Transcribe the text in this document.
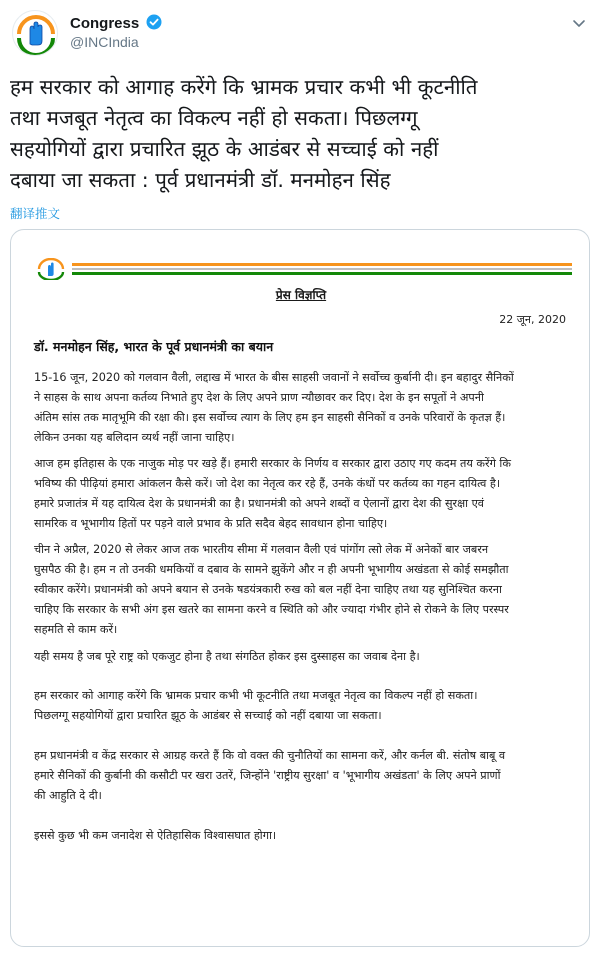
Congress
@INCIndia
हम सरकार को आगाह करेंगे कि भ्रामक प्रचार कभी भी कूटनीति
तथा मजबूत नेतृत्व का विकल्प नहीं हो सकता। पिछलग्गू
सहयोगियों द्वारा प्रचारित झूठ के आडंबर से सच्चाई को नहीं
दबाया जा सकता : पूर्व प्रधानमंत्री डॉ. मनमोहन सिंह
翻译推文
प्रेस विज्ञप्ति
22 जून, 2020
डॉ. मनमोहन सिंह, भारत के पूर्व प्रधानमंत्री का बयान
15-16 जून, 2020 को गलवान वैली, लद्दाख में भारत के बीस साहसी जवानों ने सर्वोच्च कुर्बानी दी। इन बहादुर सैनिकों
ने साहस के साथ अपना कर्तव्य निभाते हुए देश के लिए अपने प्राण न्यौछावर कर दिए। देश के इन सपूतों ने अपनी
अंतिम सांस तक मातृभूमि की रक्षा की। इस सर्वोच्च त्याग के लिए हम इन साहसी सैनिकों व उनके परिवारों के कृतज्ञ हैं।
लेकिन उनका यह बलिदान व्यर्थ नहीं जाना चाहिए।
आज हम इतिहास के एक नाजुक मोड़ पर खड़े हैं। हमारी सरकार के निर्णय व सरकार द्वारा उठाए गए कदम तय करेंगे कि
भविष्य की पीढ़ियां हमारा आंकलन कैसे करें। जो देश का नेतृत्व कर रहे हैं, उनके कंधों पर कर्तव्य का गहन दायित्व है।
हमारे प्रजातंत्र में यह दायित्व देश के प्रधानमंत्री का है। प्रधानमंत्री को अपने शब्दों व ऐलानों द्वारा देश की सुरक्षा एवं
सामरिक व भूभागीय हितों पर पड़ने वाले प्रभाव के प्रति सदैव बेहद सावधान होना चाहिए।
चीन ने अप्रैल, 2020 से लेकर आज तक भारतीय सीमा में गलवान वैली एवं पांगोंग त्सो लेक में अनेकों बार जबरन
घुसपैठ की है। हम न तो उनकी धमकियों व दबाव के सामने झुकेंगे और न ही अपनी भूभागीय अखंडता से कोई समझौता
स्वीकार करेंगे। प्रधानमंत्री को अपने बयान से उनके षडयंत्रकारी रुख को बल नहीं देना चाहिए तथा यह सुनिश्चित करना
चाहिए कि सरकार के सभी अंग इस खतरे का सामना करने व स्थिति को और ज्यादा गंभीर होने से रोकने के लिए परस्पर
सहमति से काम करें।
यही समय है जब पूरे राष्ट्र को एकजुट होना है तथा संगठित होकर इस दुस्साहस का जवाब देना है।
हम सरकार को आगाह करेंगे कि भ्रामक प्रचार कभी भी कूटनीति तथा मजबूत नेतृत्व का विकल्प नहीं हो सकता।
पिछलग्गू सहयोगियों द्वारा प्रचारित झूठ के आडंबर से सच्चाई को नहीं दबाया जा सकता।
हम प्रधानमंत्री व केंद्र सरकार से आग्रह करते हैं कि वो वक्त की चुनौतियों का सामना करें, और कर्नल बी. संतोष बाबू व
हमारे सैनिकों की कुर्बानी की कसौटी पर खरा उतरें, जिन्होंने 'राष्ट्रीय सुरक्षा' व 'भूभागीय अखंडता' के लिए अपने प्राणों
की आहुति दे दी।
इससे कुछ भी कम जनादेश से ऐतिहासिक विश्वासघात होगा।
